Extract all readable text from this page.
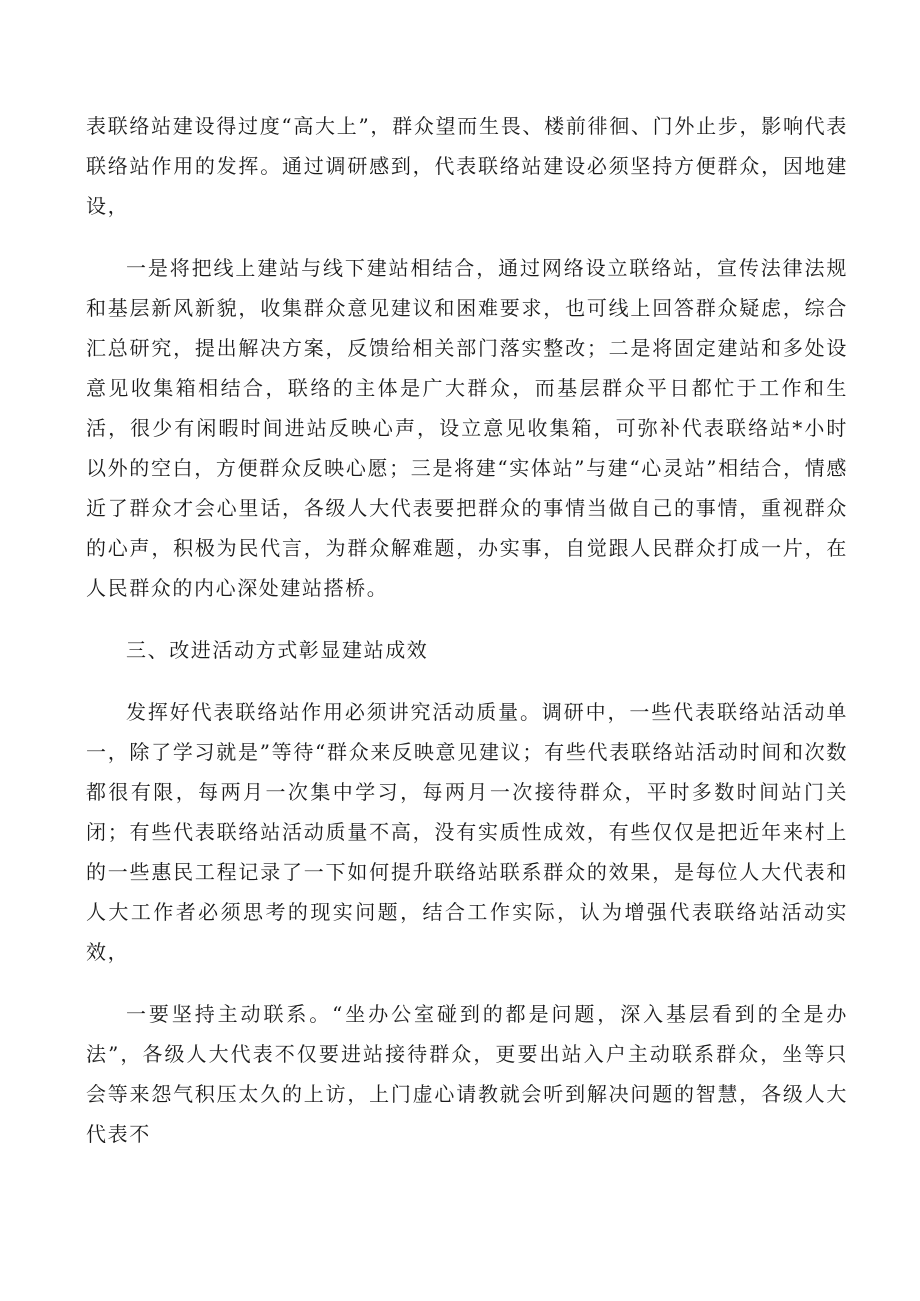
表联络站建设得过度“高大上”，群众望而生畏、楼前徘徊、门外止步，影响代表联络站作用的发挥。通过调研感到，代表联络站建设必须坚持方便群众，因地建设，

一是将把线上建站与线下建站相结合，通过网络设立联络站，宣传法律法规和基层新风新貌，收集群众意见建议和困难要求，也可线上回答群众疑虑，综合汇总研究，提出解决方案，反馈给相关部门落实整改；二是将固定建站和多处设意见收集箱相结合，联络的主体是广大群众，而基层群众平日都忙于工作和生活，很少有闲暇时间进站反映心声，设立意见收集箱，可弥补代表联络站*小时以外的空白，方便群众反映心愿；三是将建“实体站”与建“心灵站”相结合，情感近了群众才会心里话，各级人大代表要把群众的事情当做自己的事情，重视群众的心声，积极为民代言，为群众解难题，办实事，自觉跟人民群众打成一片，在人民群众的内心深处建站搭桥。

三、改进活动方式彰显建站成效

发挥好代表联络站作用必须讲究活动质量。调研中，一些代表联络站活动单一，除了学习就是”等待“群众来反映意见建议；有些代表联络站活动时间和次数都很有限，每两月一次集中学习，每两月一次接待群众，平时多数时间站门关闭；有些代表联络站活动质量不高，没有实质性成效，有些仅仅是把近年来村上的一些惠民工程记录了一下如何提升联络站联系群众的效果，是每位人大代表和人大工作者必须思考的现实问题，结合工作实际，认为增强代表联络站活动实效，

一要坚持主动联系。“坐办公室碰到的都是问题，深入基层看到的全是办法”，各级人大代表不仅要进站接待群众，更要出站入户主动联系群众，坐等只会等来怨气积压太久的上访，上门虚心请教就会听到解决问题的智慧，各级人大代表不
